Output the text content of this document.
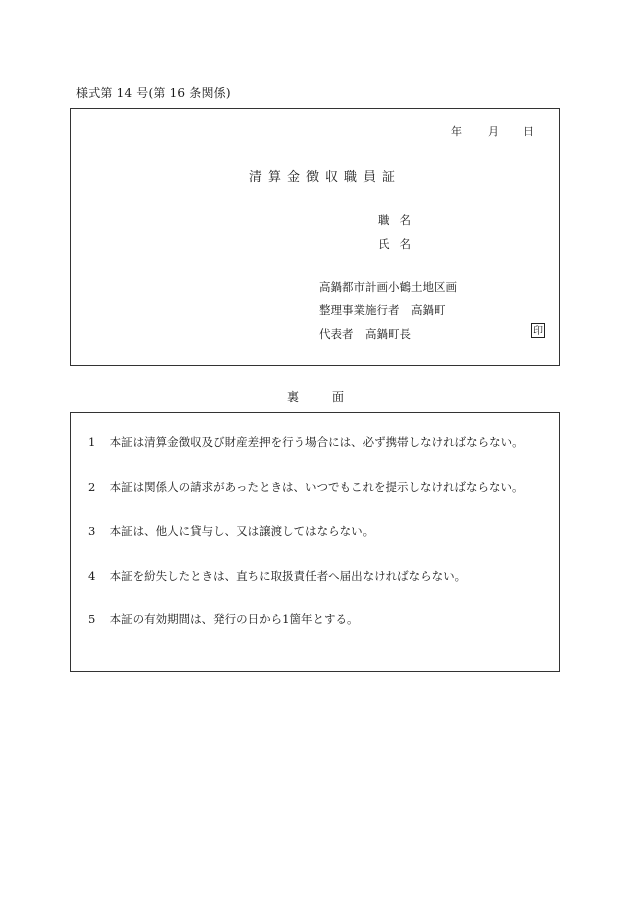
様式第 14 号(第 16 条関係)
年 月 日
清算金徴収職員証
職名
氏名
高鍋都市計画小鶴土地区画
整理事業施行者　高鍋町
代表者　高鍋町長	印
裏	面
1 本証は清算金徴収及び財産差押を行う場合には、必ず携帯しなければならない。
2 本証は関係人の請求があったときは、いつでもこれを提示しなければならない。
3 本証は、他人に貸与し、又は譲渡してはならない。
4 本証を紛失したときは、直ちに取扱責任者へ届出なければならない。
5 本証の有効期間は、発行の日から1箇年とする。
